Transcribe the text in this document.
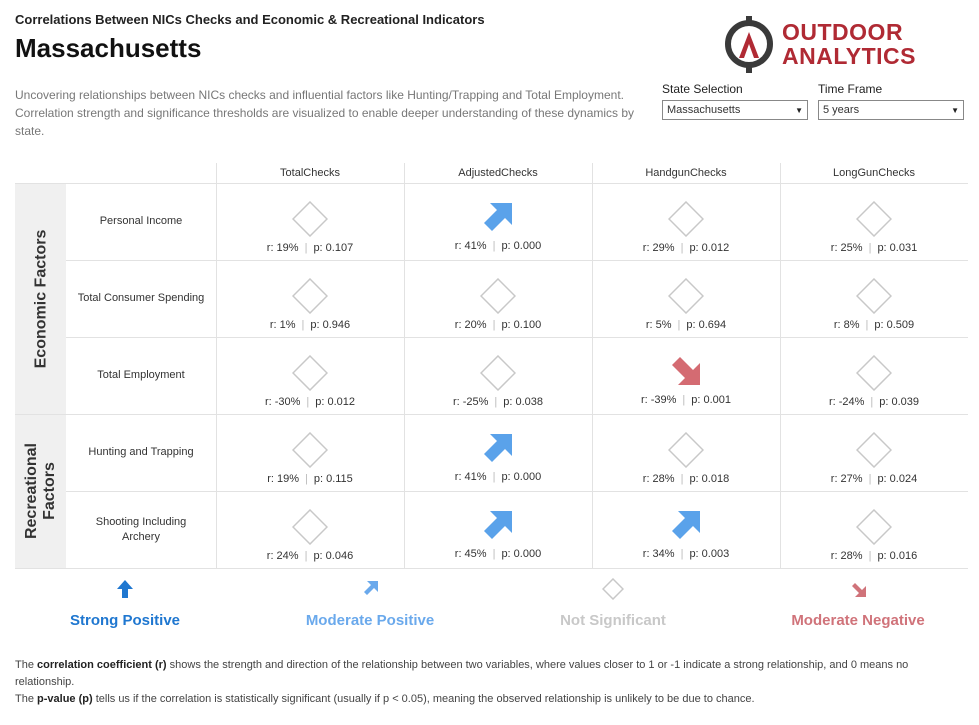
Correlations Between NICs Checks and Economic & Recreational Indicators
Massachusetts
Uncovering relationships between NICs checks and influential factors like Hunting/Trapping and Total Employment. Correlation strength and significance thresholds are visualized to enable deeper understanding of these dynamics by state.
OUTDOOR
ANALYTICS
State Selection
Massachusetts	▼
Time Frame
5 years	▼
TotalChecks	AdjustedChecks	HandgunChecks	LongGunChecks
Economic Factors
Recreational Factors
Personal Income
r: 19% | p: 0.107	r: 41% | p: 0.000	r: 29% | p: 0.012	r: 25% | p: 0.031
Total Consumer Spending
r: 1% | p: 0.946	r: 20% | p: 0.100	r: 5% | p: 0.694	r: 8% | p: 0.509
Total Employment
r: -30% | p: 0.012	r: -25% | p: 0.038	r: -39% | p: 0.001	r: -24% | p: 0.039
Hunting and Trapping
r: 19% | p: 0.115	r: 41% | p: 0.000	r: 28% | p: 0.018	r: 27% | p: 0.024
Shooting Including Archery
r: 24% | p: 0.046	r: 45% | p: 0.000	r: 34% | p: 0.003	r: 28% | p: 0.016
Strong Positive	Moderate Positive	Not Significant	Moderate Negative
The correlation coefficient (r) shows the strength and direction of the relationship between two variables, where values closer to 1 or -1 indicate a strong relationship, and 0 means no relationship.
The p-value (p) tells us if the correlation is statistically significant (usually if p < 0.05), meaning the observed relationship is unlikely to be due to chance.
